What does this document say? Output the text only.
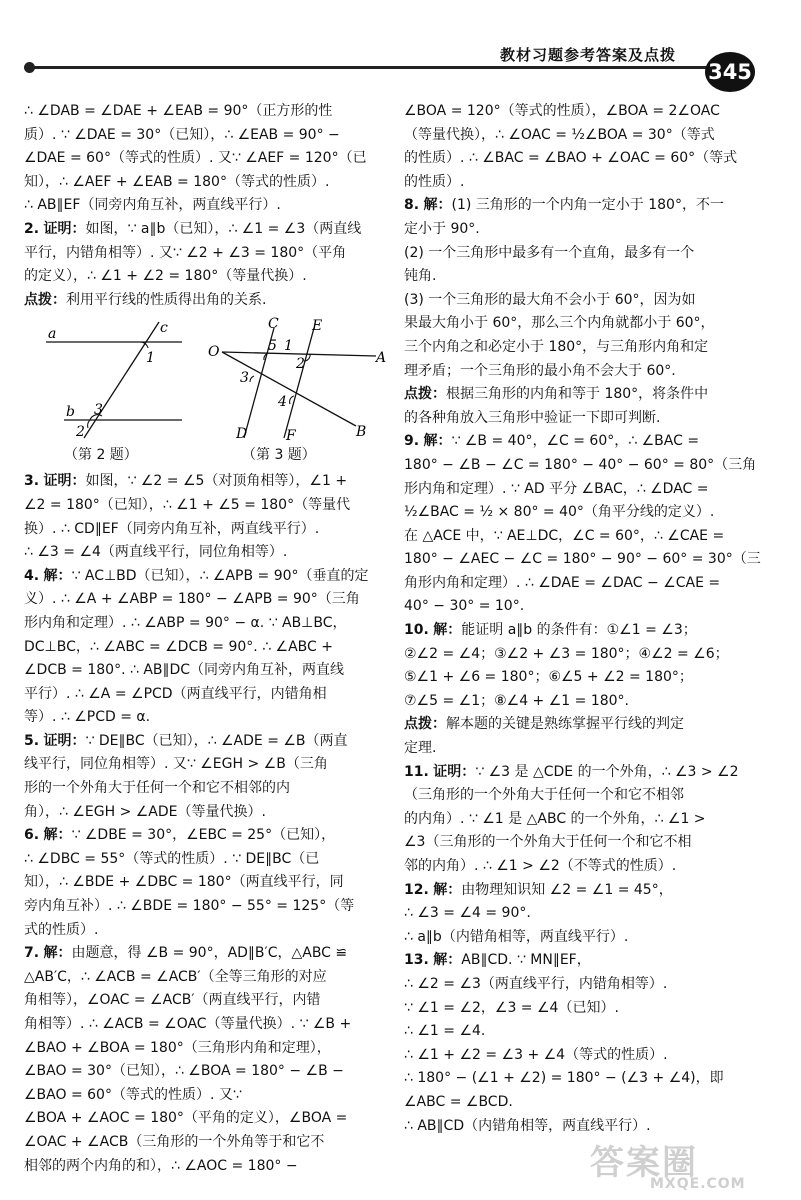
教材习题参考答案及点拨
345
∴ ∠DAB = ∠DAE + ∠EAB = 90°（正方形的性
质）. ∵ ∠DAE = 30°（已知），∴ ∠EAB = 90° −
∠DAE = 60°（等式的性质）. 又∵ ∠AEF = 120°（已
知），∴ ∠AEF + ∠EAB = 180°（等式的性质）.
∴ AB∥EF（同旁内角互补，两直线平行）.
2. 证明：如图，∵ a∥b（已知），∴ ∠1 = ∠3（两直线
平行，内错角相等）. 又∵ ∠2 + ∠3 = 180°（平角
的定义），∴ ∠1 + ∠2 = 180°（等量代换）.
点拨：利用平行线的性质得出角的关系.
a
b
c
1
2
3
（第 2 题）
C E
O	A
D	F	B
1
2
3
4
5
（第 3 题）
3. 证明：如图，∵ ∠2 = ∠5（对顶角相等），∠1 +
∠2 = 180°（已知），∴ ∠1 + ∠5 = 180°（等量代
换）. ∴ CD∥EF（同旁内角互补，两直线平行）.
∴ ∠3 = ∠4（两直线平行，同位角相等）.
4. 解：∵ AC⊥BD（已知），∴ ∠APB = 90°（垂直的定
义）. ∴ ∠A + ∠ABP = 180° − ∠APB = 90°（三角
形内角和定理）. ∴ ∠ABP = 90° − α. ∵ AB⊥BC，
DC⊥BC，∴ ∠ABC = ∠DCB = 90°. ∴ ∠ABC +
∠DCB = 180°. ∴ AB∥DC（同旁内角互补，两直线
平行）. ∴ ∠A = ∠PCD（两直线平行，内错角相
等）. ∴ ∠PCD = α.
5. 证明：∵ DE∥BC（已知），∴ ∠ADE = ∠B（两直
线平行，同位角相等）. 又∵ ∠EGH > ∠B（三角
形的一个外角大于任何一个和它不相邻的内
角），∴ ∠EGH > ∠ADE（等量代换）.
6. 解：∵ ∠DBE = 30°，∠EBC = 25°（已知），
∴ ∠DBC = 55°（等式的性质）. ∵ DE∥BC（已
知），∴ ∠BDE + ∠DBC = 180°（两直线平行，同
旁内角互补）. ∴ ∠BDE = 180° − 55° = 125°（等
式的性质）.
7. 解：由题意，得 ∠B = 90°，AD∥B′C，△ABC ≌
△AB′C，∴ ∠ACB = ∠ACB′（全等三角形的对应
角相等），∠OAC = ∠ACB′（两直线平行，内错
角相等）. ∴ ∠ACB = ∠OAC（等量代换）. ∵ ∠B +
∠BAO + ∠BOA = 180°（三角形内角和定理），
∠BAO = 30°（已知），∴ ∠BOA = 180° − ∠B −
∠BAO = 60°（等式的性质）. 又∵
∠BOA + ∠AOC = 180°（平角的定义），∠BOA =
∠OAC + ∠ACB（三角形的一个外角等于和它不
相邻的两个内角的和），∴ ∠AOC = 180° −
∠BOA = 120°（等式的性质），∠BOA = 2∠OAC
（等量代换），∴ ∠OAC = ½∠BOA = 30°（等式
的性质）. ∴ ∠BAC = ∠BAO + ∠OAC = 60°（等式
的性质）.
8. 解：(1) 三角形的一个内角一定小于 180°，不一
定小于 90°.
(2) 一个三角形中最多有一个直角，最多有一个
钝角.
(3) 一个三角形的最大角不会小于 60°，因为如
果最大角小于 60°，那么三个内角就都小于 60°，
三个内角之和必定小于 180°，与三角形内角和定
理矛盾；一个三角形的最小角不会大于 60°.
点拨：根据三角形的内角和等于 180°，将条件中
的各种角放入三角形中验证一下即可判断.
9. 解：∵ ∠B = 40°，∠C = 60°，∴ ∠BAC =
180° − ∠B − ∠C = 180° − 40° − 60° = 80°（三角
形内角和定理）. ∵ AD 平分 ∠BAC，∴ ∠DAC =
½∠BAC = ½ × 80° = 40°（角平分线的定义）.
在 △ACE 中，∵ AE⊥DC，∠C = 60°，∴ ∠CAE =
180° − ∠AEC − ∠C = 180° − 90° − 60° = 30°（三
角形内角和定理）. ∴ ∠DAE = ∠DAC − ∠CAE =
40° − 30° = 10°.
10. 解：能证明 a∥b 的条件有：①∠1 = ∠3；
②∠2 = ∠4；③∠2 + ∠3 = 180°；④∠2 = ∠6；
⑤∠1 + ∠6 = 180°；⑥∠5 + ∠2 = 180°；
⑦∠5 = ∠1；⑧∠4 + ∠1 = 180°.
点拨：解本题的关键是熟练掌握平行线的判定
定理.
11. 证明：∵ ∠3 是 △CDE 的一个外角，∴ ∠3 > ∠2
（三角形的一个外角大于任何一个和它不相邻
的内角）. ∵ ∠1 是 △ABC 的一个外角，∴ ∠1 >
∠3（三角形的一个外角大于任何一个和它不相
邻的内角）. ∴ ∠1 > ∠2（不等式的性质）.
12. 解：由物理知识知 ∠2 = ∠1 = 45°，
∴ ∠3 = ∠4 = 90°.
∴ a∥b（内错角相等，两直线平行）.
13. 解：AB∥CD. ∵ MN∥EF，
∴ ∠2 = ∠3（两直线平行，内错角相等）.
∵ ∠1 = ∠2，∠3 = ∠4（已知）.
∴ ∠1 = ∠4.
∴ ∠1 + ∠2 = ∠3 + ∠4（等式的性质）.
∴ 180° − (∠1 + ∠2) = 180° − (∠3 + ∠4)，即
∠ABC = ∠BCD.
∴ AB∥CD（内错角相等，两直线平行）.
答案圈
MXQE.COM
